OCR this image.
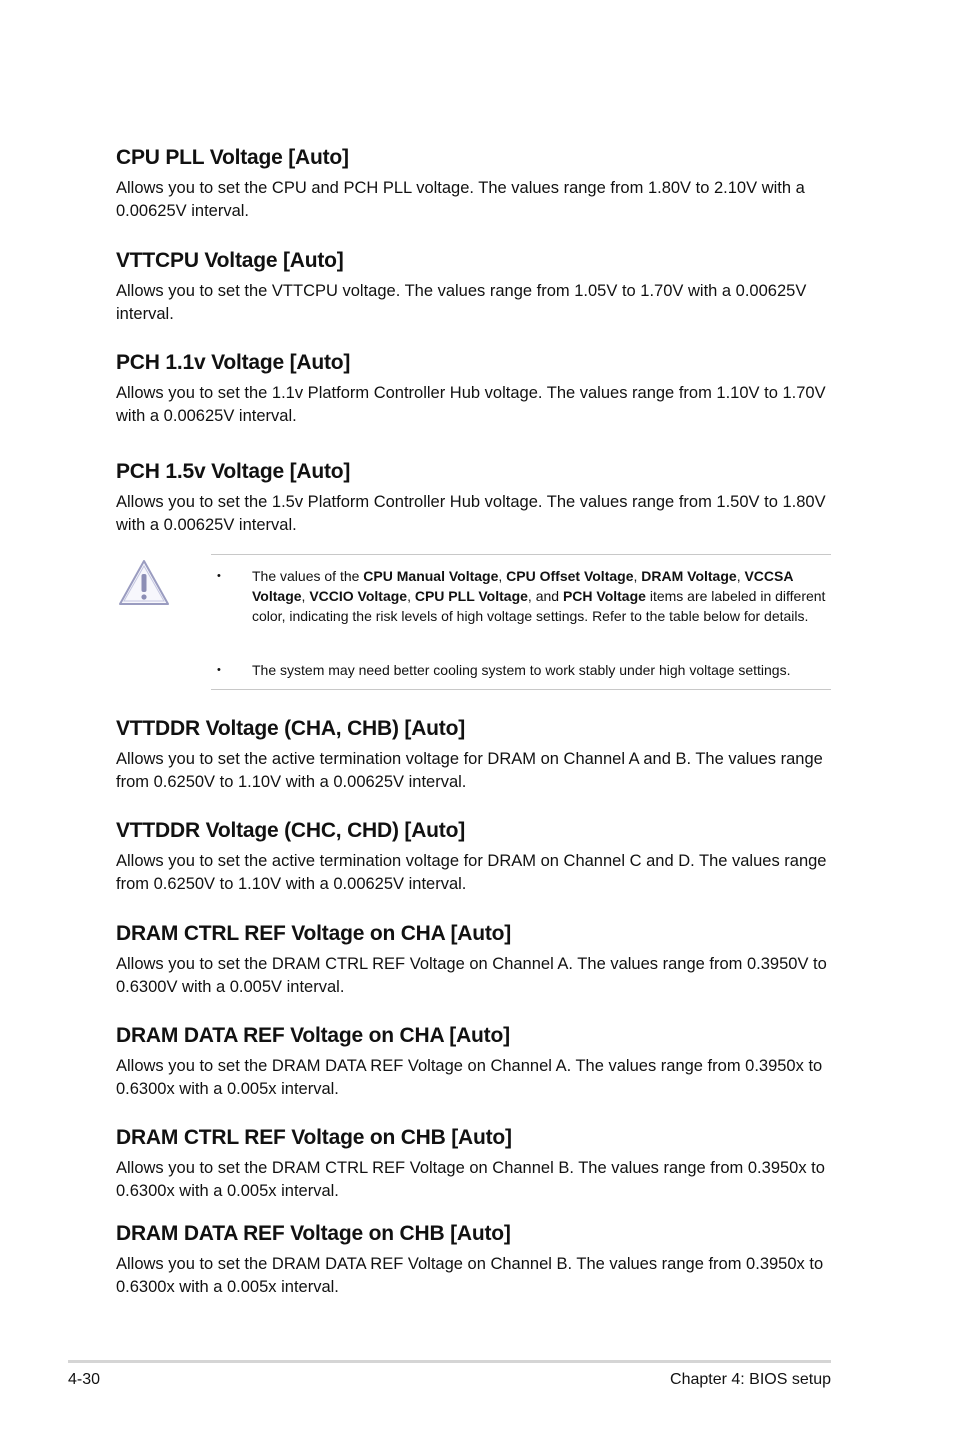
CPU PLL Voltage [Auto]

Allows you to set the CPU and PCH PLL voltage. The values range from 1.80V to 2.10V with a 0.00625V interval.

VTTCPU Voltage [Auto]

Allows you to set the VTTCPU voltage. The values range from 1.05V to 1.70V with a 0.00625V interval.

PCH 1.1v Voltage [Auto]

Allows you to set the 1.1v Platform Controller Hub voltage. The values range from 1.10V to 1.70V with a 0.00625V interval.

PCH 1.5v Voltage [Auto]

Allows you to set the 1.5v Platform Controller Hub voltage. The values range from 1.50V to 1.80V with a 0.00625V interval.

• The values of the CPU Manual Voltage, CPU Offset Voltage, DRAM Voltage, VCCSA Voltage, VCCIO Voltage, CPU PLL Voltage, and PCH Voltage items are labeled in different color, indicating the risk levels of high voltage settings. Refer to the table below for details.
• The system may need better cooling system to work stably under high voltage settings.
VTTDDR Voltage (CHA, CHB) [Auto]

Allows you to set the active termination voltage for DRAM on Channel A and B. The values range from 0.6250V to 1.10V with a 0.00625V interval.

VTTDDR Voltage (CHC, CHD) [Auto]

Allows you to set the active termination voltage for DRAM on Channel C and D. The values range from 0.6250V to 1.10V with a 0.00625V interval.

DRAM CTRL REF Voltage on CHA [Auto]

Allows you to set the DRAM CTRL REF Voltage on Channel A. The values range from 0.3950V to 0.6300V with a 0.005V interval.

DRAM DATA REF Voltage on CHA [Auto]

Allows you to set the DRAM DATA REF Voltage on Channel A. The values range from 0.3950x to 0.6300x with a 0.005x interval.

DRAM CTRL REF Voltage on CHB [Auto]

Allows you to set the DRAM CTRL REF Voltage on Channel B. The values range from 0.3950x to 0.6300x with a 0.005x interval.

DRAM DATA REF Voltage on CHB [Auto]

Allows you to set the DRAM DATA REF Voltage on Channel B. The values range from 0.3950x to 0.6300x with a 0.005x interval.

4-30	Chapter 4: BIOS setup
